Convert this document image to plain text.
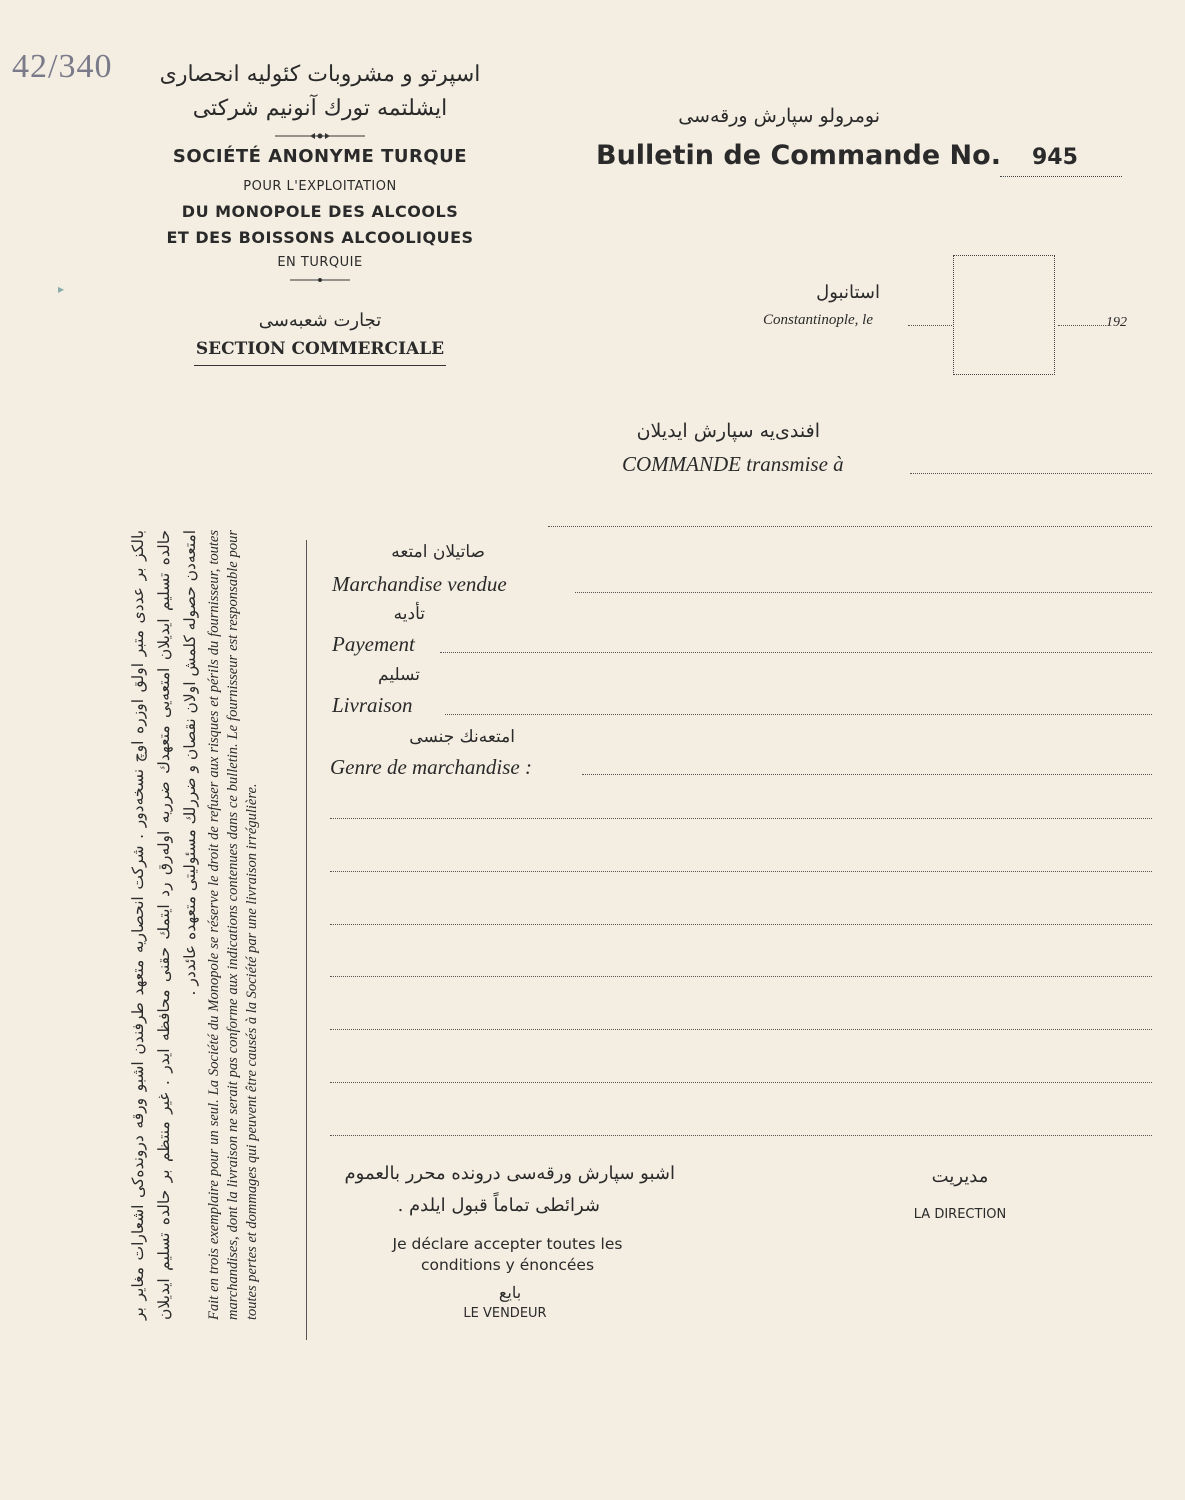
42/340
▸
اسپرتو و مشروبات كئوليه انحصارى
ايشلتمه تورك آنونيم شركتى
SOCIÉTÉ ANONYME TURQUE
POUR L'EXPLOITATION
DU MONOPOLE DES ALCOOLS
ET DES BOISSONS ALCOOLIQUES
EN TURQUIE
تجارت شعبه‌سى
SECTION COMMERCIALE
نومرولو سپارش ورقه‌سى
Bulletin de Commande No.	945
استانبول
Constantinople, le	192
افندى‌يه سپارش ايديلان
COMMANDE transmise à
صاتيلان امتعه
Marchandise vendue
تأديه
Payement
تسليم
Livraison
امتعه‌نك جنسى
Genre de marchandise :
بالكز بر عددى متبر اولق اوزره اوچ نسخه‌دور . شركت انحصاريه متعهد طرفندن اشبو ورقه درونده‌كى اشعارات مغاير بر حالده تسليم ايديلان امتعه‌يى متعهدك ضرريه اولەرق رد ايتمك حقنى محافظه ايدر . غير منتظم بر حالده تسليم ايديلان امتعه‌دن حصوله كلمش اولان نقصان و ضررلك مسئوليتى متعهده عائددر . Fait en trois exemplaire pour un seul. La Société du Monopole se réserve le droit de refuser aux risques et périls du fournisseur, toutes marchandises, dont la livraison ne serait pas conforme aux indications contenues dans ce bulletin. Le fournisseur est responsable pour toutes pertes et dommages qui peuvent être causés à la Société par une livraison irrégulière.	اشبو سپارش ورقه‌سى درونده محرر بالعموم
شرائطى تماماً قبول ايلدم .
Je déclare accepter toutes les
conditions y énoncées
بايع
LE VENDEUR
مديريت
LA DIRECTION
